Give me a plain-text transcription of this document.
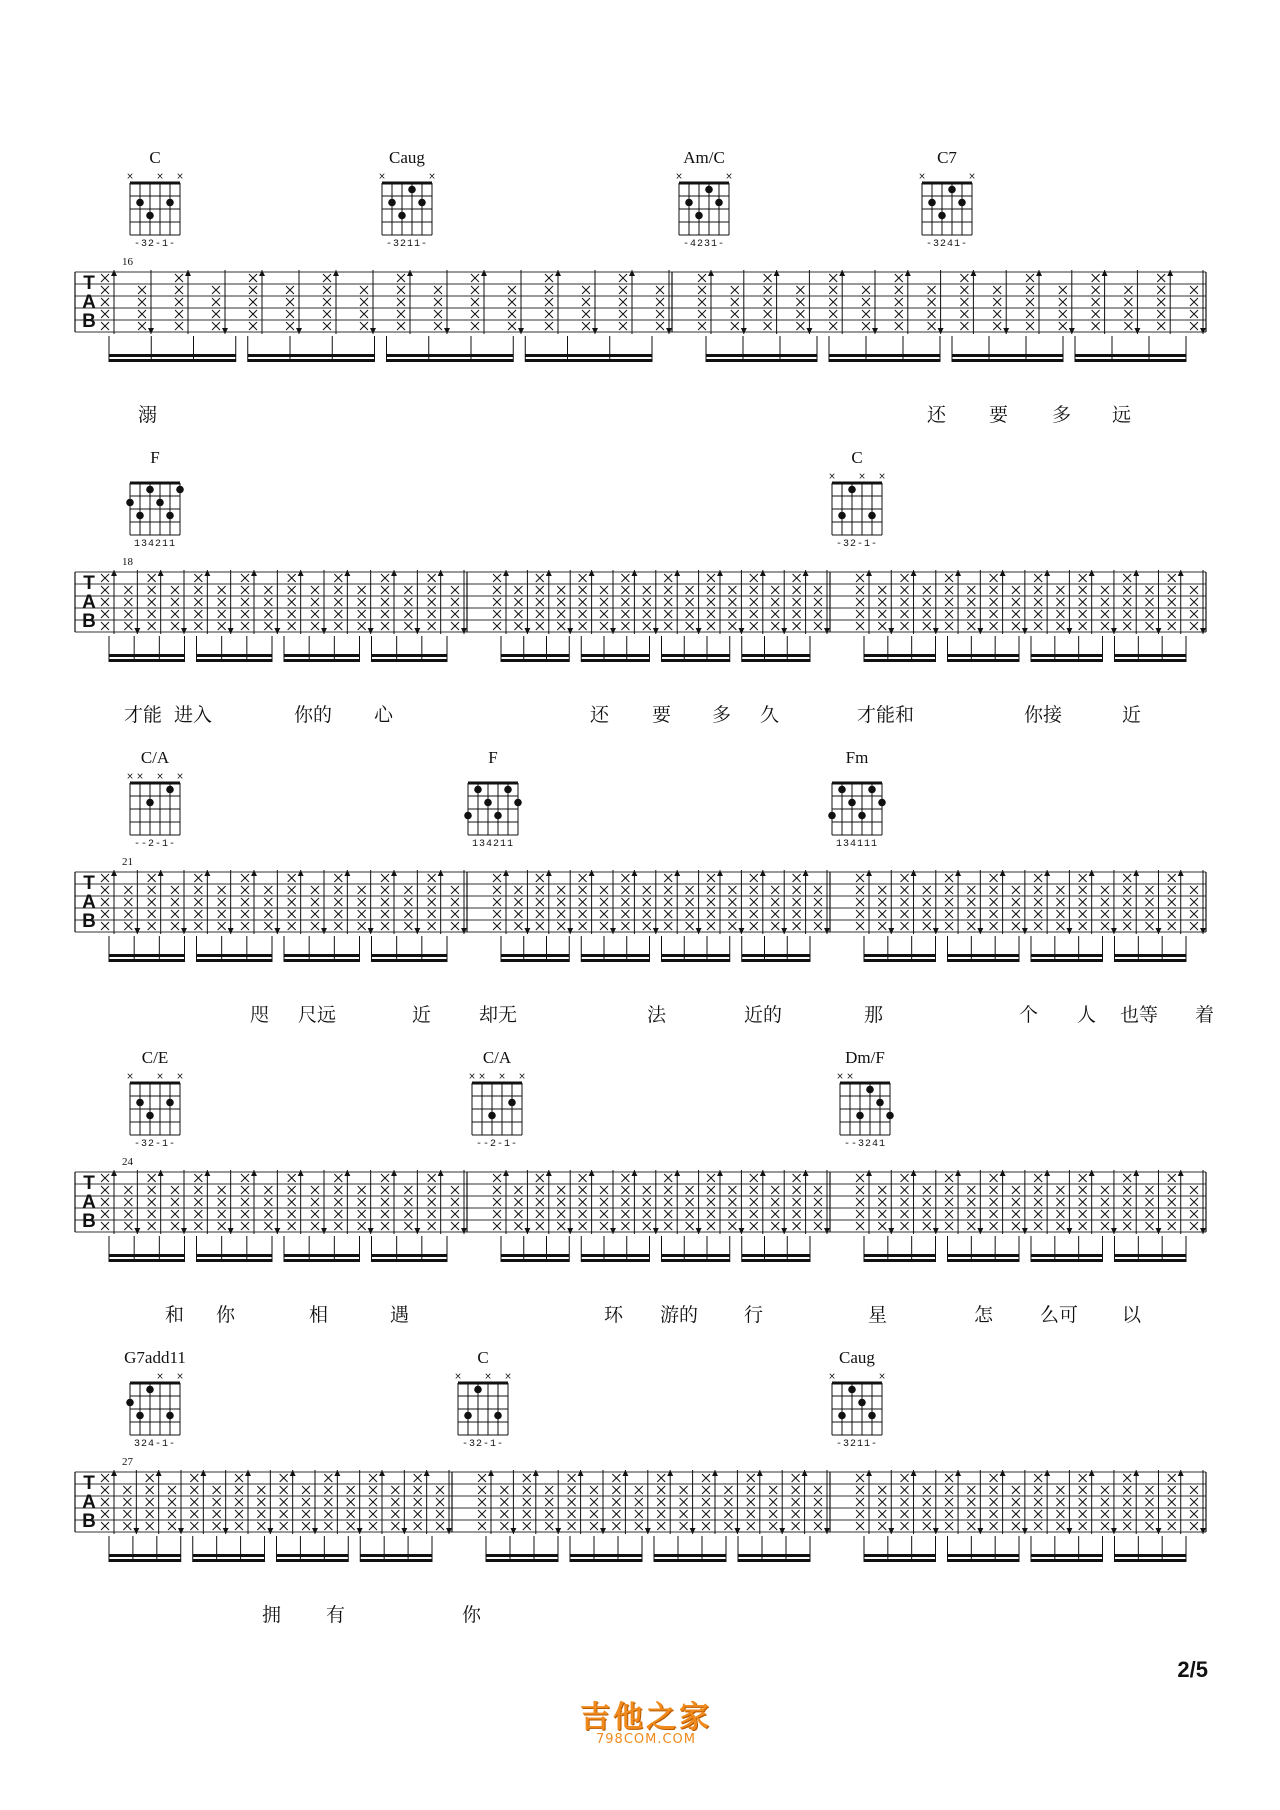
× × ×	×	×	×	×	×	×
T
A
B
× × ×
T
A
B
× × × ×
T
A
B
× × ×	× × × ×	× ×
T
A
B
× ×	× × ×	×	×
T
A
B
C
-32-1-
Caug
-3211-
Am/C
-4231-
C7
-3241-
16
溺	还 要 多 远
F
134211
C
-32-1-
18
才能 进入	你的 心	还 要 多 久	才能和	你接	近
C/A
--2-1-
F
134211
Fm
134111
21
咫 尺远	近	却无	法	近的	那	个 人 也等 着
C/E
-32-1-
C/A
--2-1-
Dm/F
--3241
24
和 你	相	遇	环 游的 行	星	怎 么可 以
G7add11
324-1-
C
-32-1-
Caug
-3211-
27
拥 有	你
2/5
吉他之家
798COM.COM
